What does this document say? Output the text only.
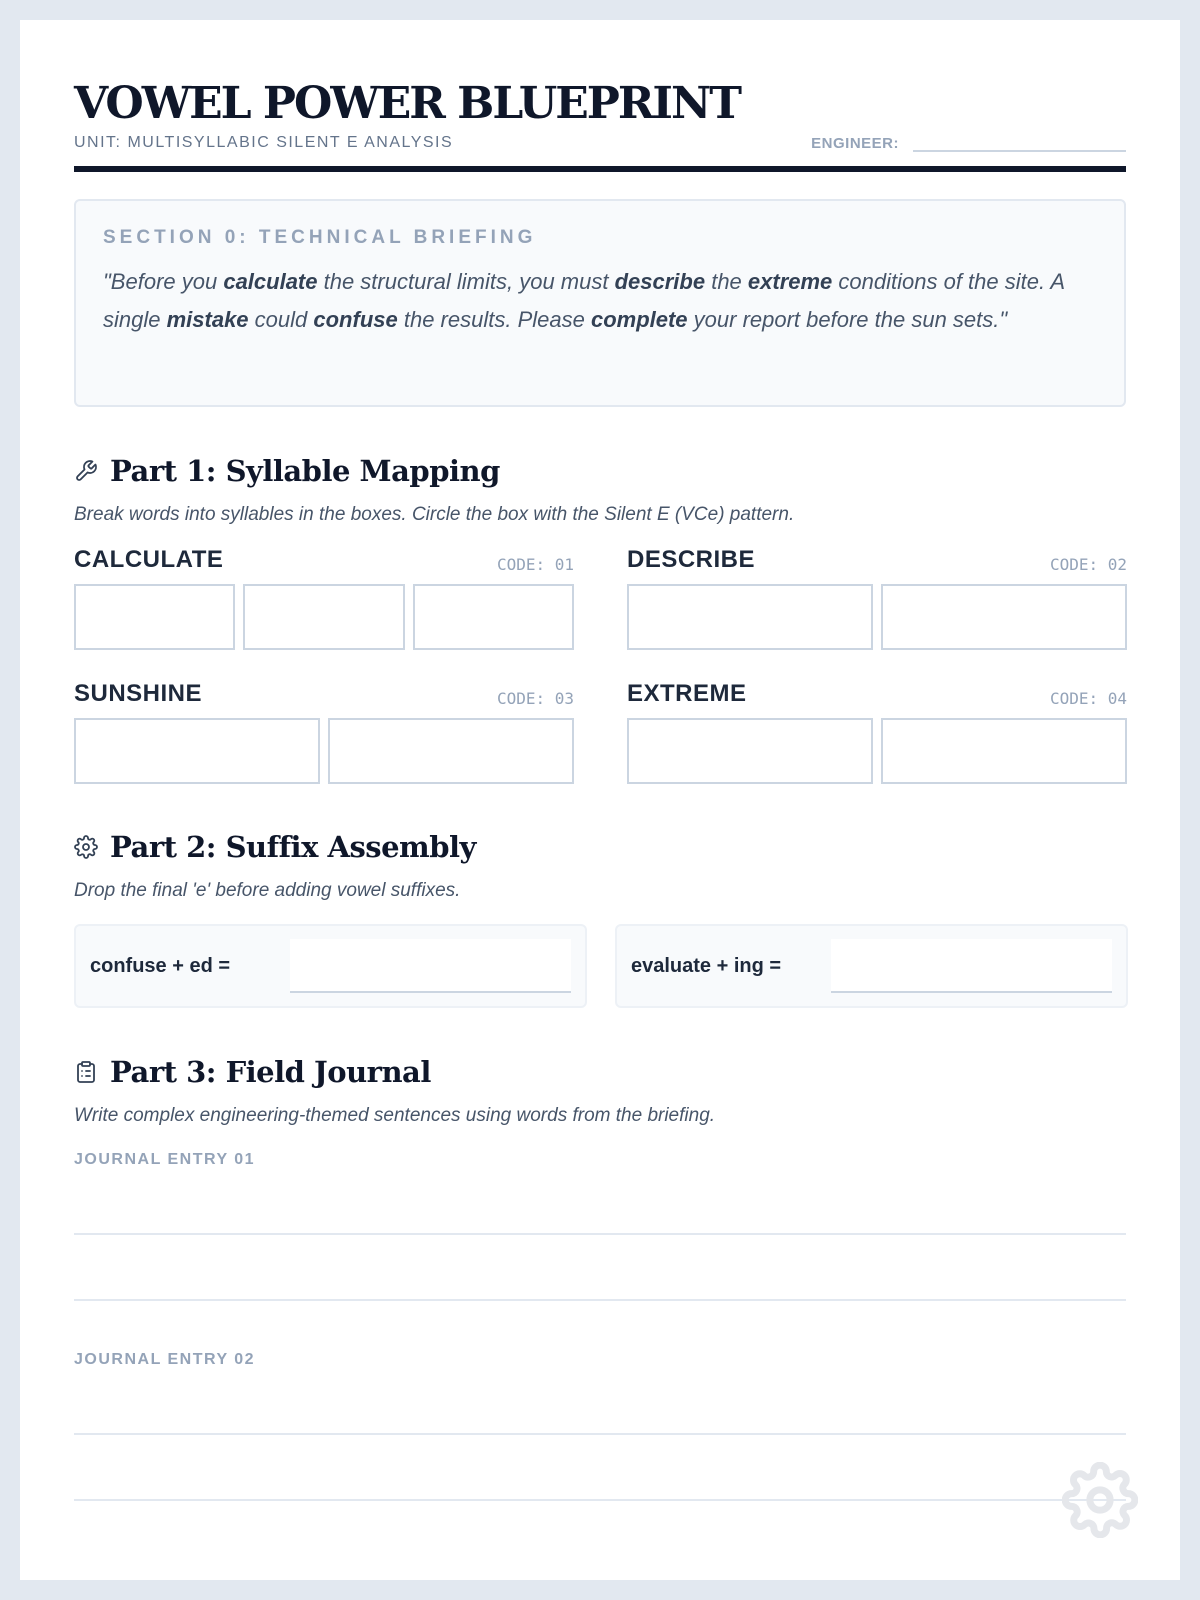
VOWEL POWER BLUEPRINT
UNIT: MULTISYLLABIC SILENT E ANALYSIS	ENGINEER:
SECTION 0: TECHNICAL BRIEFING

"Before you calculate the structural limits, you must describe the extreme conditions of the site. A single mistake could confuse the results. Please complete your report before the sun sets."

Part 1: Syllable Mapping

Break words into syllables in the boxes. Circle the box with the Silent E (VCe) pattern.

CALCULATE	CODE: 01 DESCRIBE	CODE: 02
SUNSHINE	CODE: 03 EXTREME	CODE: 04
Part 2: Suffix Assembly

Drop the final 'e' before adding vowel suffixes.

confuse + ed =	evaluate + ing =
Part 3: Field Journal

Write complex engineering-themed sentences using words from the briefing.

JOURNAL ENTRY 01
JOURNAL ENTRY 02
